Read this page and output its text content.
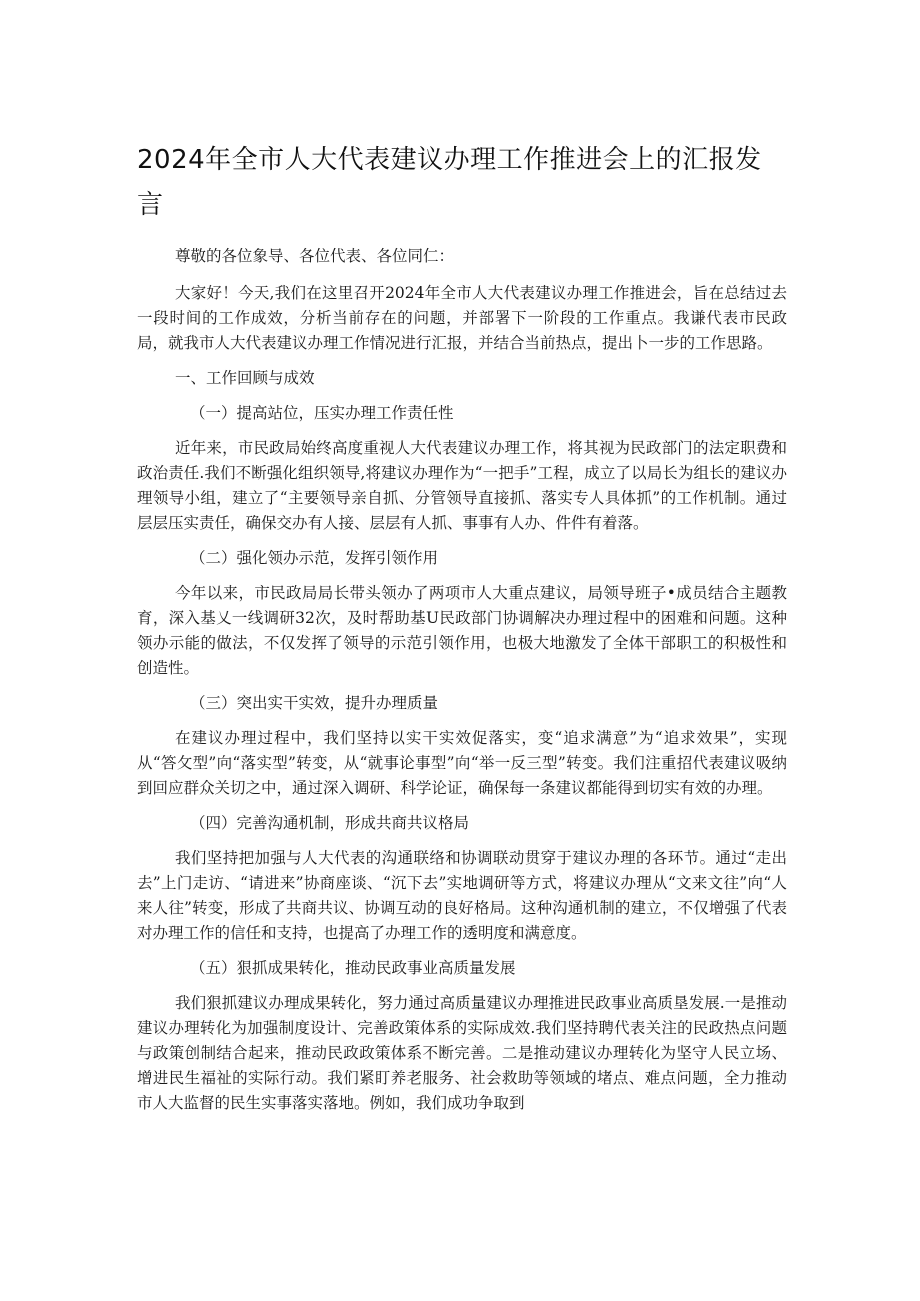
2024年全市人大代表建议办理工作推进会上的汇报发言

尊敬的各位象导、各位代表、各位同仁：

大家好！今天,我们在这里召开2024年全市人大代表建议办理工作推进会，旨在总结过去一段时间的工作成效，分析当前存在的问题，并部署下一阶段的工作重点。我谦代表市民政局，就我市人大代表建议办理工作情况进行汇报，并结合当前热点，提出卜一步的工作思路。

一、工作回顾与成效

（一）提高站位，压实办理工作责任性

近年来，市民政局始终高度重视人大代表建议办理工作，将其视为民政部门的法定职费和政治责任.我们不断强化组织领导,将建议办理作为“一把手”工程，成立了以局长为组长的建议办理领导小组，建立了“主要领导亲自抓、分管领导直接抓、落实专人具体抓”的工作机制。通过层层压实责任，确保交办有人接、层层有人抓、事事有人办、件件有着落。

（二）强化领办示范，发挥引领作用

今年以来，市民政局局长带头领办了两项市人大重点建议，局领导班子•成员结合主题教育，深入基乂一线调研32次，及时帮助基U民政部门协调解决办理过程中的困难和问题。这种领办示能的做法，不仅发挥了领导的示范引领作用，也极大地激发了全体干部职工的积极性和创造性。

（三）突出实干实效，提升办理质量

在建议办理过程中，我们坚持以实干实效促落实，变“追求满意”为“追求效果”，实现从“答攵型”向“落实型”转变，从“就事论事型”向“举一反三型”转变。我们注重招代表建议吸纳到回应群众关切之中，通过深入调研、科学论证，确保每一条建议都能得到切实有效的办理。

（四）完善沟通机制，形成共商共议格局

我们坚持把加强与人大代表的沟通联络和协调联动贯穿于建议办理的各环节。通过“走出去”上门走访、“请进来”协商座谈、“沉下去”实地调研等方式，将建议办理从“文来文往”向“人来人往”转变，形成了共商共议、协调互动的良好格局。这种沟通机制的建立，不仅增强了代表对办理工作的信任和支持，也提高了办理工作的透明度和满意度。

（五）狠抓成果转化，推动民政事业高质量发展

我们狠抓建议办理成果转化，努力通过高质量建议办理推进民政事业高质垦发展.一是推动建议办理转化为加强制度设计、完善政策体系的实际成效.我们坚持聘代表关注的民政热点问题与政策创制结合起来，推动民政政策体系不断完善。二是推动建议办理转化为坚守人民立场、增进民生福祉的实际行动。我们紧盯养老服务、社会救助等领域的堵点、难点问题，全力推动市人大监督的民生实事落实落地。例如，我们成功争取到
